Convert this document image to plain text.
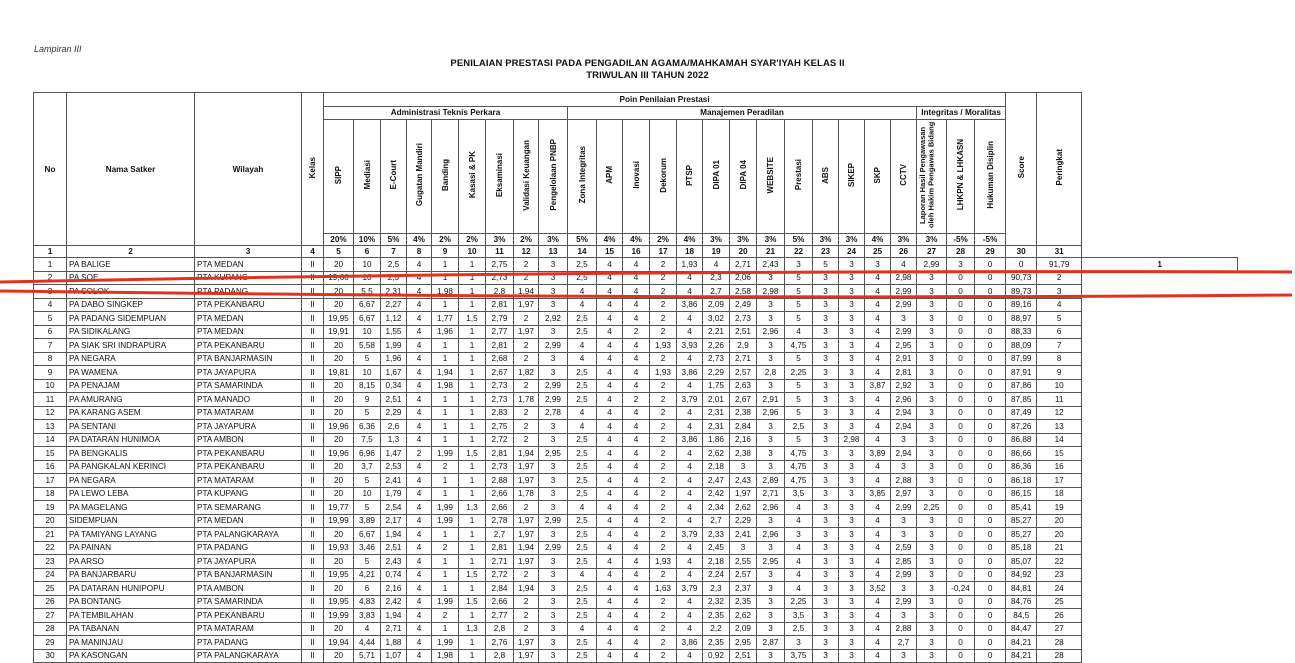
Lampiran III
PENILAIAN PRESTASI PADA PENGADILAN AGAMA/MAHKAMAH SYAR'IYAH KELAS II
TRIWULAN III TAHUN 2022
No	Nama Satker	Wilayah	Kelas	Poin Penilaian Prestasi																									Score	Peringkat	
				Administrasi Teknis Perkara									Manajemen Peradilan													Integritas / Moralitas					
				SIPP	Mediasi	E-Court	Gugatan Mandiri	Banding	Kasasi & PK	Eksaminasi	Validasi Keuangan	Pengelolaan PNBP	Zona Integritas	APM	Inovasi	Dekorum	PTSP	DIPA 01	DIPA 04	WEBSITE	Prestasi	ABS	SIKEP	SKP	CCTV	Laporan Hasil Pengawasan oleh Hakim Pengawas Bidang	LHKPN & LHKASN	Hukuman Disiplin			
				20%	10%	5%	4%	2%	2%	3%	2%	3%	5%	4%	4%	2%	4%	3%	3%	3%	5%	3%	3%	4%	3%	3%	-5%	-5%			
1	2	3	4	5	6	7	8	9	10	11	12	13	14	15	16	17	18	19	20	21	22	23	24	25	26	27	28	29	30	31	
1	PA BALIGE	PTA MEDAN	II	20	10	2,5	4	1	1	2,75	2	3	2,5	4	4	2	1,93	4	2,71	2,43	3	5	3	3	4	2,99	3	0	0	91,79	1
2	PA SOE	PTA KUPANG	II	19,66	10	2,5	4	1	1	2,73	2	3	2,5	4	4	2	4	2,3	2,06	3	5	3	3	4	2,98	3	0	0	90,73	2	
3	PA SOLOK	PTA PADANG	II	20	5,5	2,31	4	1,98	1	2,8	1,94	3	4	4	4	2	4	2,7	2,58	2,98	5	3	3	4	2,99	3	0	0	89,73	3	
4	PA DABO SINGKEP	PTA PEKANBARU	II	20	6,67	2,27	4	1	1	2,81	1,97	3	4	4	4	2	3,86	2,09	2,49	3	5	3	3	4	2,99	3	0	0	89,16	4	
5	PA PADANG SIDEMPUAN	PTA MEDAN	II	19,95	6,67	1,12	4	1,77	1,5	2,79	2	2,92	2,5	4	4	2	4	3,02	2,73	3	5	3	3	4	3	3	0	0	88,97	5	
6	PA SIDIKALANG	PTA MEDAN	II	19,91	10	1,55	4	1,96	1	2,77	1,97	3	2,5	4	2	2	4	2,21	2,51	2,96	4	3	3	4	2,99	3	0	0	88,33	6	
7	PA SIAK SRI INDRAPURA	PTA PEKANBARU	II	20	5,58	1,99	4	1	1	2,81	2	2,99	4	4	4	1,93	3,93	2,26	2,9	3	4,75	3	3	4	2,95	3	0	0	88,09	7	
8	PA NEGARA	PTA BANJARMASIN	II	20	5	1,96	4	1	1	2,68	2	3	4	4	4	2	4	2,73	2,71	3	5	3	3	4	2,91	3	0	0	87,99	8	
9	PA WAMENA	PTA JAYAPURA	II	19,81	10	1,67	4	1,94	1	2,67	1,82	3	2,5	4	4	1,93	3,86	2,29	2,57	2,8	2,25	3	3	4	2,81	3	0	0	87,91	9	
10	PA PENAJAM	PTA SAMARINDA	II	20	8,15	0,34	4	1,98	1	2,73	2	2,99	2,5	4	4	2	4	1,75	2,63	3	5	3	3	3,87	2,92	3	0	0	87,86	10	
11	PA AMURANG	PTA MANADO	II	20	9	2,51	4	1	1	2,73	1,78	2,99	2,5	4	2	2	3,79	2,01	2,67	2,91	5	3	3	4	2,96	3	0	0	87,85	11	
12	PA KARANG ASEM	PTA MATARAM	II	20	5	2,29	4	1	1	2,83	2	2,78	4	4	4	2	4	2,31	2,38	2,96	5	3	3	4	2,94	3	0	0	87,49	12	
13	PA SENTANI	PTA JAYAPURA	II	19,96	6,36	2,6	4	1	1	2,75	2	3	4	4	4	2	4	2,31	2,84	3	2,5	3	3	4	2,94	3	0	0	87,26	13	
14	PA DATARAN HUNIMOA	PTA AMBON	II	20	7,5	1,3	4	1	1	2,72	2	3	2,5	4	4	2	3,86	1,86	2,16	3	5	3	2,98	4	3	3	0	0	86,88	14	
15	PA BENGKALIS	PTA PEKANBARU	II	19,96	6,96	1,47	2	1,99	1,5	2,81	1,94	2,95	2,5	4	4	2	4	2,62	2,38	3	4,75	3	3	3,89	2,94	3	0	0	86,66	15	
16	PA PANGKALAN KERINCI	PTA PEKANBARU	II	20	3,7	2,53	4	2	1	2,73	1,97	3	2,5	4	4	2	4	2,18	3	3	4,75	3	3	4	3	3	0	0	86,36	16	
17	PA NEGARA	PTA MATARAM	II	20	5	2,41	4	1	1	2,88	1,97	3	2,5	4	4	2	4	2,47	2,43	2,89	4,75	3	3	4	2,88	3	0	0	86,18	17	
18	PA LEWO LEBA	PTA KUPANG	II	20	10	1,79	4	1	1	2,66	1,78	3	2,5	4	4	2	4	2,42	1,97	2,71	3,5	3	3	3,85	2,97	3	0	0	86,15	18	
19	PA MAGELANG	PTA SEMARANG	II	19,77	5	2,54	4	1,99	1,3	2,66	2	3	4	4	4	2	4	2,34	2,62	2,96	4	3	3	4	2,99	2,25	0	0	85,41	19	
20	SIDEMPUAN	PTA MEDAN	II	19,99	3,89	2,17	4	1,99	1	2,78	1,97	2,99	2,5	4	4	2	4	2,7	2,29	3	4	3	3	4	3	3	0	0	85,27	20	
21	PA TAMIYANG LAYANG	PTA PALANGKARAYA	II	20	6,67	1,94	4	1	1	2,7	1,97	3	2,5	4	4	2	3,79	2,33	2,41	2,96	3	3	3	4	3	3	0	0	85,27	20	
22	PA PAINAN	PTA PADANG	II	19,93	3,46	2,51	4	2	1	2,81	1,94	2,99	2,5	4	4	2	4	2,45	3	3	4	3	3	4	2,59	3	0	0	85,18	21	
23	PA ARSO	PTA JAYAPURA	II	20	5	2,43	4	1	1	2,71	1,97	3	2,5	4	4	1,93	4	2,18	2,55	2,95	4	3	3	4	2,85	3	0	0	85,07	22	
24	PA BANJARBARU	PTA BANJARMASIN	II	19,95	4,21	0,74	4	1	1,5	2,72	2	3	4	4	4	2	4	2,24	2,57	3	4	3	3	4	2,99	3	0	0	84,92	23	
25	PA DATARAN HUNIPOPU	PTA AMBON	II	20	6	2,16	4	1	1	2,84	1,94	3	2,5	4	4	1,63	3,79	2,3	2,37	3	4	3	3	3,52	3	3	-0,24	0	84,81	24	
26	PA BONTANG	PTA SAMARINDA	II	19,95	4,83	2,42	4	1,99	1,5	2,66	2	3	2,5	4	4	2	4	2,32	2,35	3	2,25	3	3	4	2,99	3	0	0	84,76	25	
27	PA TEMBILAHAN	PTA PEKANBARU	II	19,99	3,83	1,94	4	2	1	2,77	2	3	2,5	4	4	2	4	2,35	2,62	3	3,5	3	3	4	3	3	0	0	84,5	26	
28	PA TABANAN	PTA MATARAM	II	20	4	2,71	4	1	1,3	2,8	2	3	4	4	4	2	4	2,2	2,09	3	2,5	3	3	4	2,88	3	0	0	84,47	27	
29	PA MANINJAU	PTA PADANG	II	19,94	4,44	1,88	4	1,99	1	2,76	1,97	3	2,5	4	4	2	3,86	2,35	2,95	2,87	3	3	3	4	2,7	3	0	0	84,21	28	
30	PA KASONGAN	PTA PALANGKARAYA	II	20	5,71	1,07	4	1,98	1	2,8	1,97	3	2,5	4	4	2	4	0,92	2,51	3	3,75	3	3	4	3	3	0	0	84,21	28	
